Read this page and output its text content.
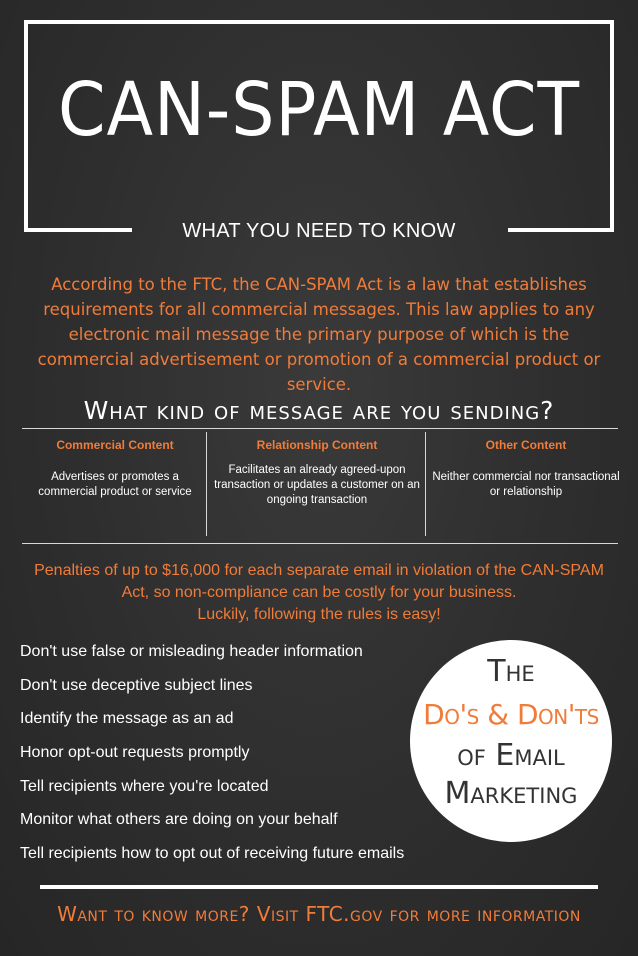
CAN-SPAM ACT
WHAT YOU NEED TO KNOW
According to the FTC, the CAN-SPAM Act is a law that establishes requirements for all commercial messages. This law applies to any electronic mail message the primary purpose of which is the commercial advertisement or promotion of a commercial product or service.
What kind of message are you sending?
Commercial Content
Advertises or promotes a commercial product or service
Relationship Content
Facilitates an already agreed-upon transaction or updates a customer on an ongoing transaction
Other Content
Neither commercial nor transactional or relationship
Penalties of up to $16,000 for each separate email in violation of the CAN-SPAM Act, so non-compliance can be costly for your business.
Luckily, following the rules is easy!
Don't use false or misleading header information
Don't use deceptive subject lines
Identify the message as an ad
Honor opt-out requests promptly
Tell recipients where you're located
Monitor what others are doing on your behalf
Tell recipients how to opt out of receiving future emails
The
Do's & Don'ts
of Email
Marketing
Want to know more? Visit FTC.gov for more information
